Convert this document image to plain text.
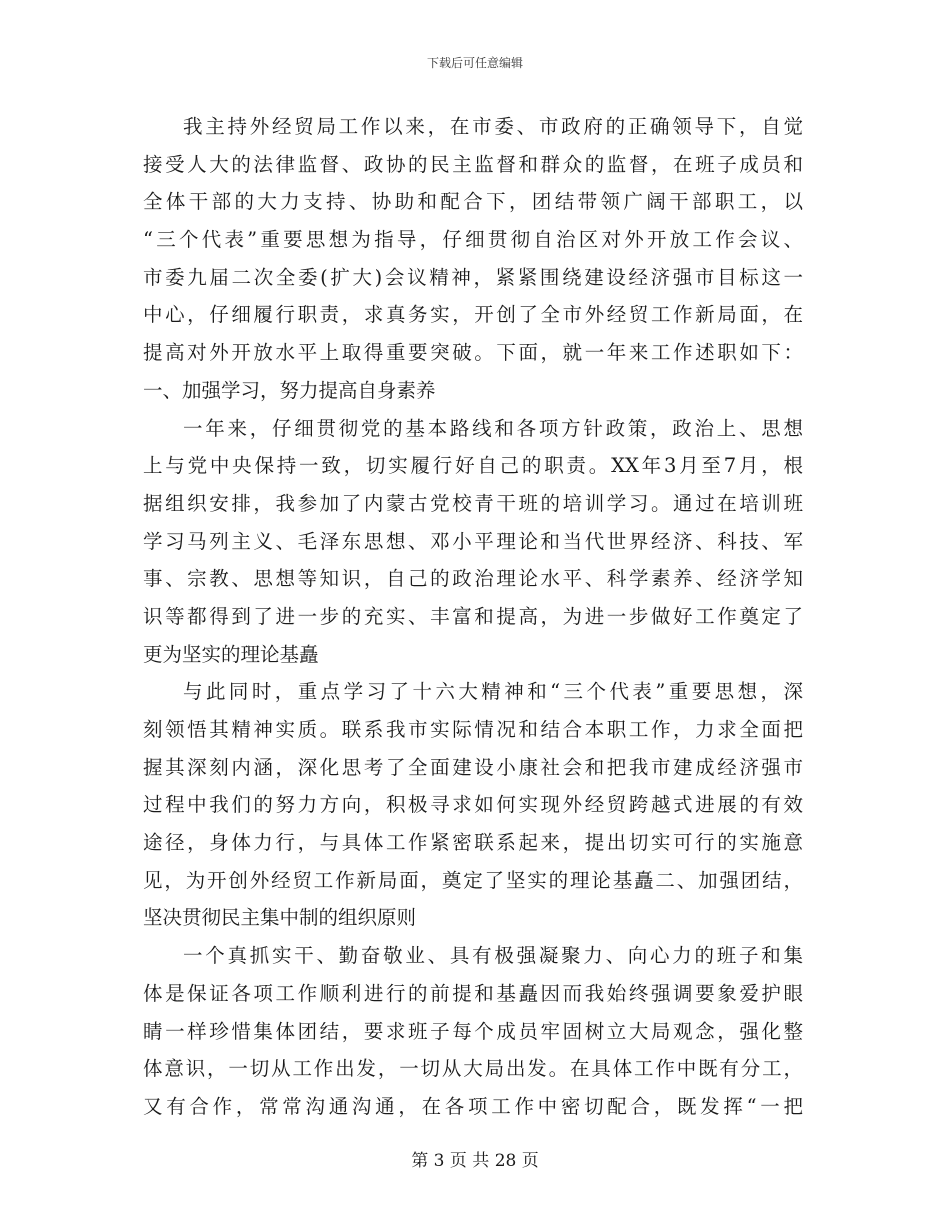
下载后可任意编辑
我主持外经贸局工作以来，在市委、市政府的正确领导下，自觉
接受人大的法律监督、政协的民主监督和群众的监督，在班子成员和
全体干部的大力支持、协助和配合下，团结带领广阔干部职工，以
“三个代表”重要思想为指导，仔细贯彻自治区对外开放工作会议、
市委九届二次全委(扩大)会议精神，紧紧围绕建设经济强市目标这一
中心，仔细履行职责，求真务实，开创了全市外经贸工作新局面，在
提高对外开放水平上取得重要突破。下面，就一年来工作述职如下：
一、加强学习，努力提高自身素养
一年来，仔细贯彻党的基本路线和各项方针政策，政治上、思想
上与党中央保持一致，切实履行好自己的职责。XX年3月至7月，根
据组织安排，我参加了内蒙古党校青干班的培训学习。通过在培训班
学习马列主义、毛泽东思想、邓小平理论和当代世界经济、科技、军
事、宗教、思想等知识，自己的政治理论水平、科学素养、经济学知
识等都得到了进一步的充实、丰富和提高，为进一步做好工作奠定了
更为坚实的理论基矗
与此同时，重点学习了十六大精神和“三个代表”重要思想，深
刻领悟其精神实质。联系我市实际情况和结合本职工作，力求全面把
握其深刻内涵，深化思考了全面建设小康社会和把我市建成经济强市
过程中我们的努力方向，积极寻求如何实现外经贸跨越式进展的有效
途径，身体力行，与具体工作紧密联系起来，提出切实可行的实施意
见，为开创外经贸工作新局面，奠定了坚实的理论基矗二、加强团结，
坚决贯彻民主集中制的组织原则
一个真抓实干、勤奋敬业、具有极强凝聚力、向心力的班子和集
体是保证各项工作顺利进行的前提和基矗因而我始终强调要象爱护眼
睛一样珍惜集体团结，要求班子每个成员牢固树立大局观念，强化整
体意识，一切从工作出发，一切从大局出发。在具体工作中既有分工，
又有合作，常常沟通沟通，在各项工作中密切配合，既发挥“一把
第 3 页 共 28 页
